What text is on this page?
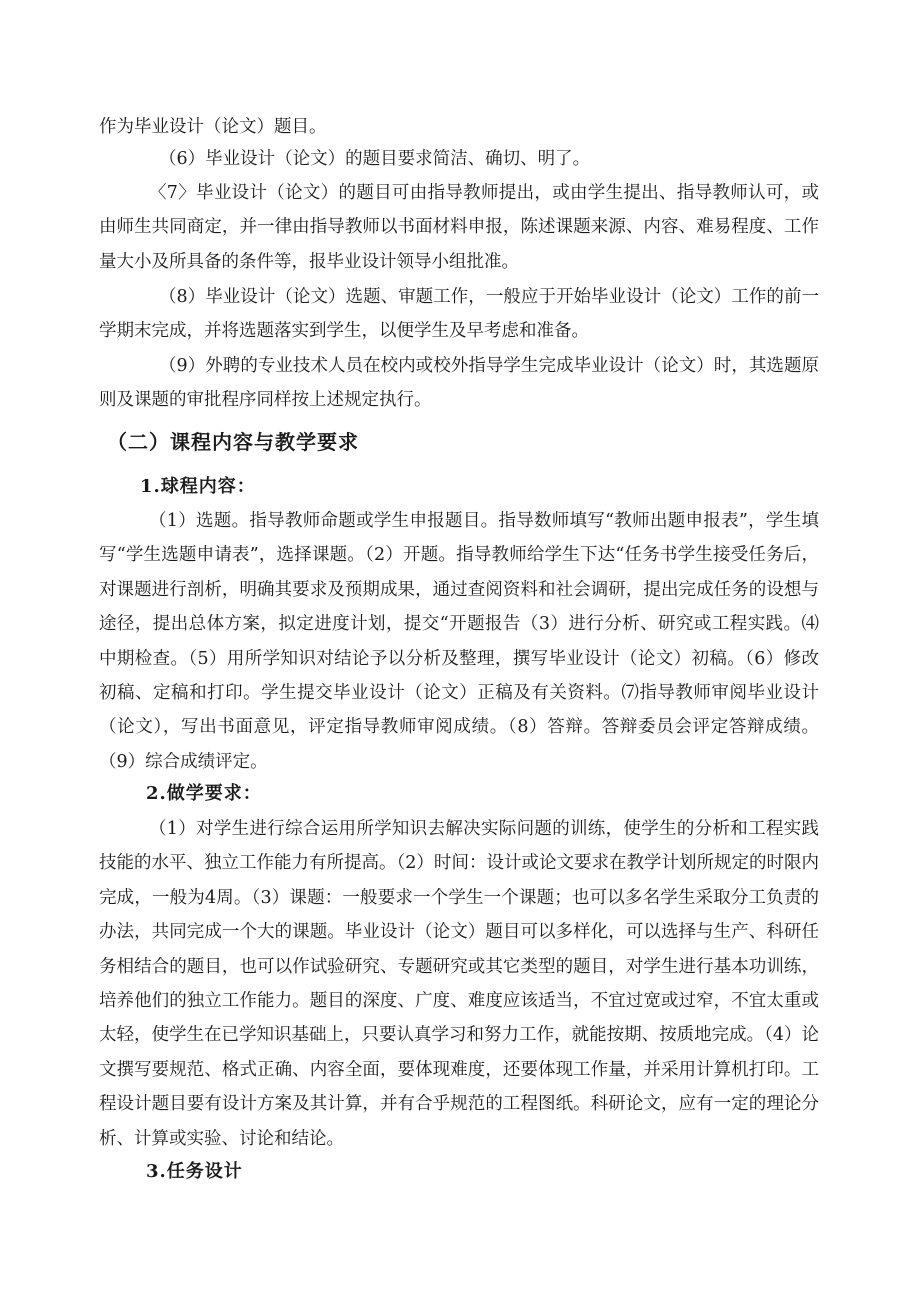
作为毕业设计（论文）题目。

（6）毕业设计（论文）的题目要求简洁、确切、明了。

〈7〉毕业设计（论文）的题目可由指导教师提出，或由学生提出、指导教师认可，或由师生共同商定，并一律由指导教师以书面材料申报，陈述课题来源、内容、难易程度、工作量大小及所具备的条件等，报毕业设计领导小组批准。

（8）毕业设计（论文）选题、审题工作，一般应于开始毕业设计（论文）工作的前一学期末完成，并将选题落实到学生，以便学生及早考虑和准备。

（9）外聘的专业技术人员在校内或校外指导学生完成毕业设计（论文）时，其选题原则及课题的审批程序同样按上述规定执行。

（二）课程内容与教学要求
1.球程内容：

（1）选题。指导教师命题或学生申报题目。指导数师填写“教师出题申报表”，学生填写“学生选题申请表”，选择课题。（2）开题。指导教师给学生下达“任务书学生接受任务后，对课题进行剖析，明确其要求及预期成果，通过查阅资料和社会调研，提出完成任务的设想与途径，提出总体方案，拟定进度计划，提交“开题报告（3）进行分析、研究或工程实践。⑷中期检查。（5）用所学知识对结论予以分析及整理，撰写毕业设计（论文）初稿。（6）修改初稿、定稿和打印。学生提交毕业设计（论文）正稿及有关资料。⑺指导教师审阅毕业设计（论文），写出书面意见，评定指导教师审阅成绩。（8）答辩。答辩委员会评定答辩成绩。（9）综合成绩评定。

2.做学要求：

（1）对学生进行综合运用所学知识去解决实际问题的训练，使学生的分析和工程实践技能的水平、独立工作能力有所提高。（2）时间：设计或论文要求在教学计划所规定的时限内完成，一般为4周。（3）课题：一般要求一个学生一个课题；也可以多名学生采取分工负责的办法，共同完成一个大的课题。毕业设计（论文）题目可以多样化，可以选择与生产、科研任务相结合的题目，也可以作试验研究、专题研究或其它类型的题目，对学生进行基本功训练，培养他们的独立工作能力。题目的深度、广度、难度应该适当，不宜过宽或过窄，不宜太重或太轻，使学生在已学知识基础上，只要认真学习和努力工作，就能按期、按质地完成。（4）论文撰写要规范、格式正确、内容全面，要体现难度，还要体现工作量，并采用计算机打印。工程设计题目要有设计方案及其计算，并有合乎规范的工程图纸。科研论文，应有一定的理论分析、计算或实验、讨论和结论。

3.任务设计
